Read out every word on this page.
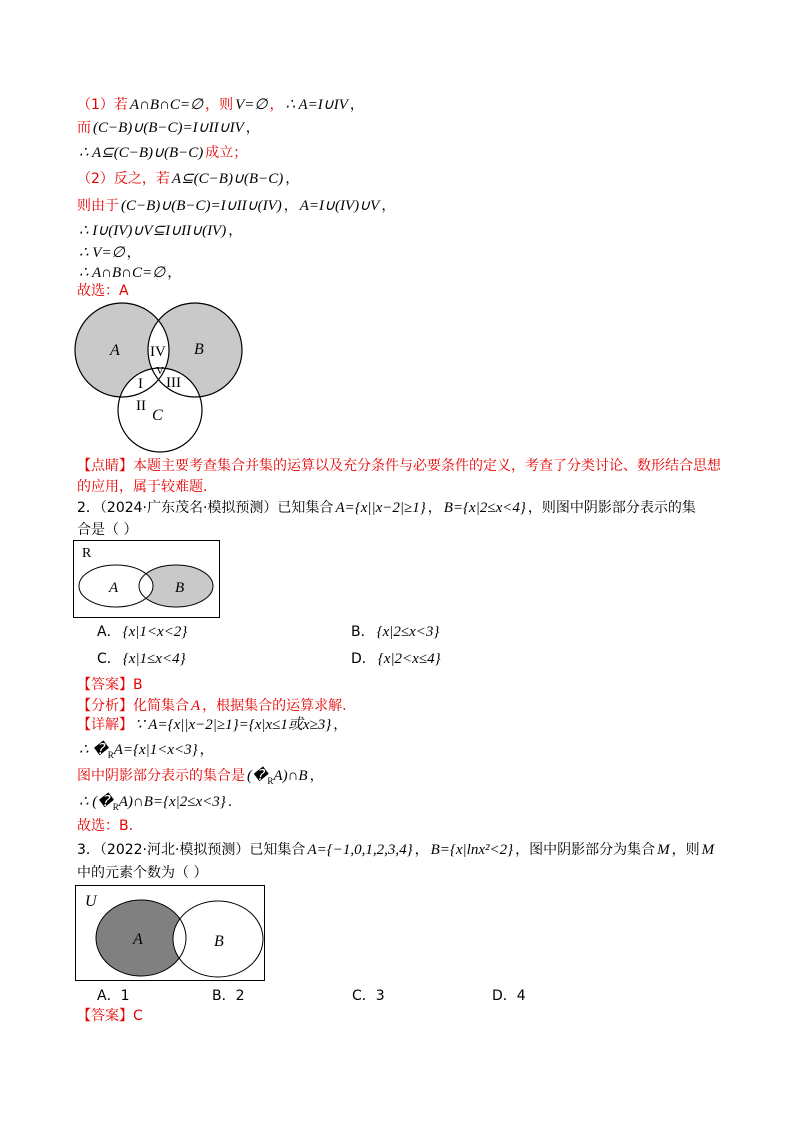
（1）若 A∩B∩C=∅ ，则 V=∅ ， ∴ A=I∪IV ，
而 (C−B)∪(B−C)=I∪II∪IV ，
∴ A⊆(C−B)∪(B−C) 成立；
（2）反之，若 A⊆(C−B)∪(B−C) ，
则由于 (C−B)∪(B−C)=I∪II∪(IV) ， A=I∪(IV)∪V ，
∴ I∪(IV)∪V⊆I∪II∪(IV) ，
∴ V=∅ ，
∴ A∩B∩C=∅ ，
故选：A
A IV B
V
I III
II
C
【点睛】本题主要考查集合并集的运算以及充分条件与必要条件的定义，考查了分类讨论、数形结合思想
的应用，属于较难题.
2．（2024·广东茂名·模拟预测）已知集合 A={x||x−2|≥1} ， B={x|2≤x<4} ，则图中阴影部分表示的集
合是（ ）
R
A	B
A． {x|1<x<2}	B． {x|2≤x<3}
C． {x|1≤x<4}	D． {x|2<x≤4}
【答案】B
【分析】化简集合 A ，根据集合的运算求解.
【详解】 ∵ A={x||x−2|≥1}={x|x≤1或x≥3} ，
∴ $�_RA=\{x|1<x<3\}$ ，
图中阴影部分表示的集合是 $(�_RA)\cap B$ ，
∴ $(�_RA)\cap B=\{x|2\le x<3\}$ .
故选：B.
3．（2022·河北·模拟预测）已知集合 A={−1,0,1,2,3,4} ， B={x|lnx²<2} ，图中阴影部分为集合 M ，则 M
中的元素个数为（ ）
U
A	B
A．1	B．2	C．3	D．4
【答案】C
